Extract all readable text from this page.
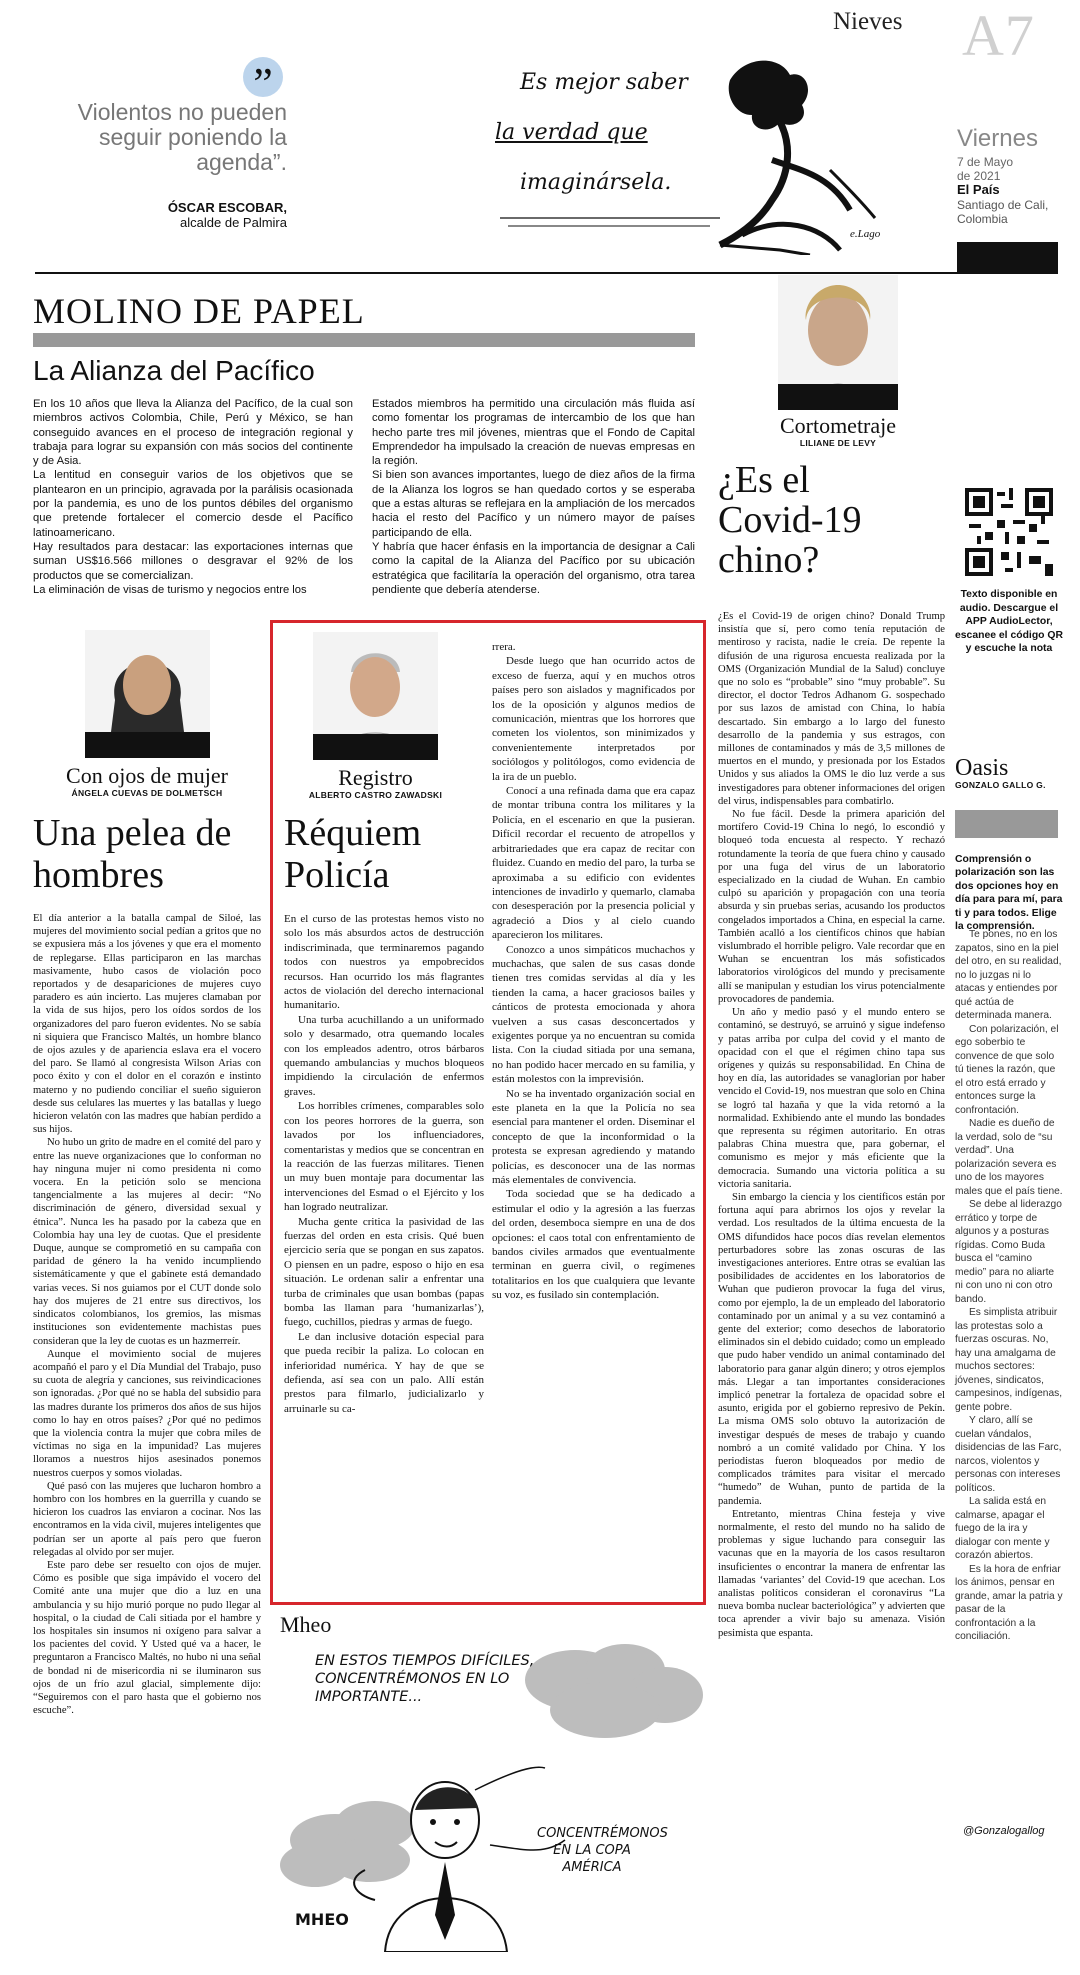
Nieves A7
”
Violentos no pueden seguir poniendo la agenda”.
ÓSCAR ESCOBAR,
alcalde de Palmira
Es mejor saber
la verdad que
imaginársela.
e.Lago
Viernes
7 de Mayo
de 2021
El País
Santiago de Cali,
Colombia
MOLINO DE PAPEL
La Alianza del Pacífico

En los 10 años que lleva la Alianza del Pacífico, de la cual son miembros activos Colombia, Chile, Perú y México, se han conseguido avances en el proceso de integración regional y trabaja para lograr su expansión con más socios del continente y de Asia.

La lentitud en conseguir varios de los objetivos que se plantearon en un principio, agravada por la parálisis ocasionada por la pandemia, es uno de los puntos débiles del organismo que pretende fortalecer el comercio desde el Pacífico latinoamericano.

Hay resultados para destacar: las exportaciones internas que suman US$16.566 millones o desgravar el 92% de los productos que se comercializan.

La eliminación de visas de turismo y negocios entre los

Estados miembros ha permitido una circulación más fluida así como fomentar los programas de intercambio de los que han hecho parte tres mil jóvenes, mientras que el Fondo de Capital Emprendedor ha impulsado la creación de nuevas empresas en la región.

Si bien son avances importantes, luego de diez años de la firma de la Alianza los logros se han quedado cortos y se esperaba que a estas alturas se reflejara en la ampliación de los mercados hacia el resto del Pacífico y un número mayor de países participando de ella.

Y habría que hacer énfasis en la importancia de designar a Cali como la capital de la Alianza del Pacífico por su ubicación estratégica que facilitaría la operación del organismo, otra tarea pendiente que debería atenderse.

Cortometraje
LILIANE DE LEVY
¿Es el Covid-19 chino?

¿Es el Covid-19 de origen chino? Donald Trump insistía que sí, pero como tenía reputación de mentiroso y racista, nadie le creía. De repente la difusión de una rigurosa encuesta realizada por la OMS (Organización Mundial de la Salud) concluye que no solo es “probable” sino “muy probable”. Su director, el doctor Tedros Adhanom G. sospechado por sus lazos de amistad con China, lo había descartado. Sin embargo a lo largo del funesto desarrollo de la pandemia y sus estragos, con millones de contaminados y más de 3,5 millones de muertos en el mundo, y presionada por los Estados Unidos y sus aliados la OMS le dio luz verde a sus investigadores para obtener informaciones del origen del virus, indispensables para combatirlo.

No fue fácil. Desde la primera aparición del mortífero Covid-19 China lo negó, lo escondió y bloqueó toda encuesta al respecto. Y rechazó rotundamente la teoría de que fuera chino y causado por una fuga del virus de un laboratorio especializado en la ciudad de Wuhan. En cambio culpó su aparición y propagación con una teoría absurda y sin pruebas serias, acusando los productos congelados importados a China, en especial la carne. También acalló a los científicos chinos que habían vislumbrado el horrible peligro. Vale recordar que en Wuhan se encuentran los más sofisticados laboratorios virológicos del mundo y precisamente allí se manipulan y estudian los virus potencialmente provocadores de pandemia.

Un año y medio pasó y el mundo entero se contaminó, se destruyó, se arruinó y sigue indefenso y patas arriba por culpa del covid y el manto de opacidad con el que el régimen chino tapa sus orígenes y quizás su responsabilidad. En China de hoy en día, las autoridades se vanaglorian por haber vencido el Covid-19, nos muestran que solo en China se logró tal hazaña y que la vida retornó a la normalidad. Exhibiendo ante el mundo las bondades que representa su régimen autoritario. En otras palabras China muestra que, para gobernar, el comunismo es mejor y más eficiente que la democracia. Sumando una victoria política a su victoria sanitaria.

Sin embargo la ciencia y los científicos están por fortuna aquí para abrirnos los ojos y revelar la verdad. Los resultados de la última encuesta de la OMS difundidos hace pocos días revelan elementos perturbadores sobre las zonas oscuras de las investigaciones anteriores. Entre otras se evalúan las posibilidades de accidentes en los laboratorios de Wuhan que pudieron provocar la fuga del virus, como por ejemplo, la de un empleado del laboratorio contaminado por un animal y a su vez contaminó a gente del exterior; como desechos de laboratorio eliminados sin el debido cuidado; como un empleado que pudo haber vendido un animal contaminado del laboratorio para ganar algún dinero; y otros ejemplos más. Llegar a tan importantes consideraciones implicó penetrar la fortaleza de opacidad sobre el asunto, erigida por el gobierno represivo de Pekín. La misma OMS solo obtuvo la autorización de investigar después de meses de trabajo y cuando nombró a un comité validado por China. Y los periodistas fueron bloqueados por medio de complicados trámites para visitar el mercado “humedo” de Wuhan, punto de partida de la pandemia.

Entretanto, mientras China festeja y vive normalmente, el resto del mundo no ha salido de problemas y sigue luchando para conseguir las vacunas que en la mayoría de los casos resultaron insuficientes o encontrar la manera de enfrentar las llamadas ‘variantes’ del Covid-19 que acechan. Los analistas políticos consideran el coronavirus “La nueva bomba nuclear bacteriológica” y advierten que toca aprender a vivir bajo su amenaza. Visión pesimista que espanta.

Texto disponible en audio. Descargue el APP AudioLector, escanee el código QR y escuche la nota
Oasis
GONZALO GALLO G.
Comprensión o polarización son las dos opciones hoy en día para para mí, para ti y para todos. Elige la comprensión.

Te pones, no en los zapatos, sino en la piel del otro, en su realidad, no lo juzgas ni lo atacas y entiendes por qué actúa de determinada manera.

Con polarización, el ego soberbio te convence de que solo tú tienes la razón, que el otro está errado y entonces surge la confrontación.

Nadie es dueño de la verdad, solo de “su verdad”. Una polarización severa es uno de los mayores males que el país tiene.

Se debe al liderazgo errático y torpe de algunos y a posturas rígidas. Como Buda busca el “camino medio” para no aliarte ni con uno ni con otro bando.

Es simplista atribuir las protestas solo a fuerzas oscuras. No, hay una amalgama de muchos sectores: jóvenes, sindicatos, campesinos, indígenas, gente pobre.

Y claro, allí se cuelan vándalos, disidencias de las Farc, narcos, violentos y personas con intereses políticos.

La salida está en calmarse, apagar el fuego de la ira y dialogar con mente y corazón abiertos.

Es la hora de enfriar los ánimos, pensar en grande, amar la patria y pasar de la confrontación a la conciliación.

@Gonzalogallog
Con ojos de mujer
ÁNGELA CUEVAS DE DOLMETSCH
Una pelea de hombres

El día anterior a la batalla campal de Siloé, las mujeres del movimiento social pedían a gritos que no se expusiera más a los jóvenes y que era el momento de replegarse. Ellas participaron en las marchas masivamente, hubo casos de violación poco reportados y de desapariciones de mujeres cuyo paradero es aún incierto. Las mujeres clamaban por la vida de sus hijos, pero los oídos sordos de los organizadores del paro fueron evidentes. No se sabía ni siquiera que Francisco Maltés, un hombre blanco de ojos azules y de apariencia eslava era el vocero del paro. Se llamó al congresista Wilson Arias con poco éxito y con el dolor en el corazón e instinto materno y no pudiendo conciliar el sueño siguieron desde sus celulares las muertes y las batallas y luego hicieron velatón con las madres que habían perdido a sus hijos.

No hubo un grito de madre en el comité del paro y entre las nueve organizaciones que lo conforman no hay ninguna mujer ni como presidenta ni como vocera. En la petición solo se menciona tangencialmente a las mujeres al decir: “No discriminación de género, diversidad sexual y étnica”. Nunca les ha pasado por la cabeza que en Colombia hay una ley de cuotas. Que el presidente Duque, aunque se comprometió en su campaña con paridad de género la ha venido incumpliendo sistemáticamente y que el gabinete está demandado varias veces. Si nos guiamos por el CUT donde solo hay dos mujeres de 21 entre sus directivos, los sindicatos colombianos, los gremios, las mismas instituciones son evidentemente machistas pues consideran que la ley de cuotas es un hazmerreír.

Aunque el movimiento social de mujeres acompañó el paro y el Día Mundial del Trabajo, puso su cuota de alegría y canciones, sus reivindicaciones son ignoradas. ¿Por qué no se habla del subsidio para las madres durante los primeros dos años de sus hijos como lo hay en otros países? ¿Por qué no pedimos que la violencia contra la mujer que cobra miles de víctimas no siga en la impunidad? Las mujeres lloramos a nuestros hijos asesinados ponemos nuestros cuerpos y somos violadas.

Qué pasó con las mujeres que lucharon hombro a hombro con los hombres en la guerrilla y cuando se hicieron los cuadros las enviaron a cocinar. Nos las encontramos en la vida civil, mujeres inteligentes que podrían ser un aporte al país pero que fueron relegadas al olvido por ser mujer.

Este paro debe ser resuelto con ojos de mujer. Cómo es posible que siga impávido el vocero del Comité ante una mujer que dio a luz en una ambulancia y su hijo murió porque no pudo llegar al hospital, o la ciudad de Cali sitiada por el hambre y los hospitales sin insumos ni oxígeno para salvar a los pacientes del covid. Y Usted qué va a hacer, le preguntaron a Francisco Maltés, no hubo ni una señal de bondad ni de misericordia ni se iluminaron sus ojos de un frío azul glacial, simplemente dijo: “Seguiremos con el paro hasta que el gobierno nos escuche”.

Registro
ALBERTO CASTRO ZAWADSKI
Réquiem Policía

En el curso de las protestas hemos visto no solo los más absurdos actos de destrucción indiscriminada, que terminaremos pagando todos con nuestros ya empobrecidos recursos. Han ocurrido los más flagrantes actos de violación del derecho internacional humanitario.

Una turba acuchillando a un uniformado solo y desarmado, otra quemando locales con los empleados adentro, otros bárbaros quemando ambulancias y muchos bloqueos impidiendo la circulación de enfermos graves.

Los horribles crímenes, comparables solo con los peores horrores de la guerra, son lavados por los influenciadores, comentaristas y medios que se concentran en la reacción de las fuerzas militares. Tienen un muy buen montaje para documentar las intervenciones del Esmad o el Ejército y los han logrado neutralizar.

Mucha gente critica la pasividad de las fuerzas del orden en esta crisis. Qué buen ejercicio sería que se pongan en sus zapatos. O piensen en un padre, esposo o hijo en esa situación. Le ordenan salir a enfrentar una turba de criminales que usan bombas (papas bomba las llaman para ‘humanizarlas’), fuego, cuchillos, piedras y armas de fuego.

Le dan inclusive dotación especial para que pueda recibir la paliza. Lo colocan en inferioridad numérica. Y hay de que se defienda, así sea con un palo. Allí están prestos para filmarlo, judicializarlo y arruinarle su ca-

rrera.

Desde luego que han ocurrido actos de exceso de fuerza, aquí y en muchos otros países pero son aislados y magnificados por los de la oposición y algunos medios de comunicación, mientras que los horrores que cometen los violentos, son minimizados y convenientemente interpretados por sociólogos y politólogos, como evidencia de la ira de un pueblo.

Conocí a una refinada dama que era capaz de montar tribuna contra los militares y la Policía, en el escenario en que la pusieran. Difícil recordar el recuento de atropellos y arbitrariedades que era capaz de recitar con fluidez. Cuando en medio del paro, la turba se aproximaba a su edificio con evidentes intenciones de invadirlo y quemarlo, clamaba con desesperación por la presencia policial y agradeció a Dios y al cielo cuando aparecieron los militares.

Conozco a unos simpáticos muchachos y muchachas, que salen de sus casas donde tienen tres comidas servidas al día y les tienden la cama, a hacer graciosos bailes y cánticos de protesta emocionada y ahora vuelven a sus casas desconcertados y exigentes porque ya no encuentran su comida lista. Con la ciudad sitiada por una semana, no han podido hacer mercado en su familia, y están molestos con la imprevisión.

No se ha inventado organización social en este planeta en la que la Policía no sea esencial para mantener el orden. Diseminar el concepto de que la inconformidad o la protesta se expresan agrediendo y matando policías, es desconocer una de las normas más elementales de convivencia.

Toda sociedad que se ha dedicado a estimular el odio y la agresión a las fuerzas del orden, desemboca siempre en una de dos opciones: el caos total con enfrentamiento de bandos civiles armados que eventualmente terminan en guerra civil, o regímenes totalitarios en los que cualquiera que levante su voz, es fusilado sin contemplación.

Mheo
EN ESTOS TIEMPOS DIFÍCILES, CONCENTRÉMONOS EN LO IMPORTANTE...
CONCENTRÉMONOS EN LA COPA AMÉRICA
MHEO
